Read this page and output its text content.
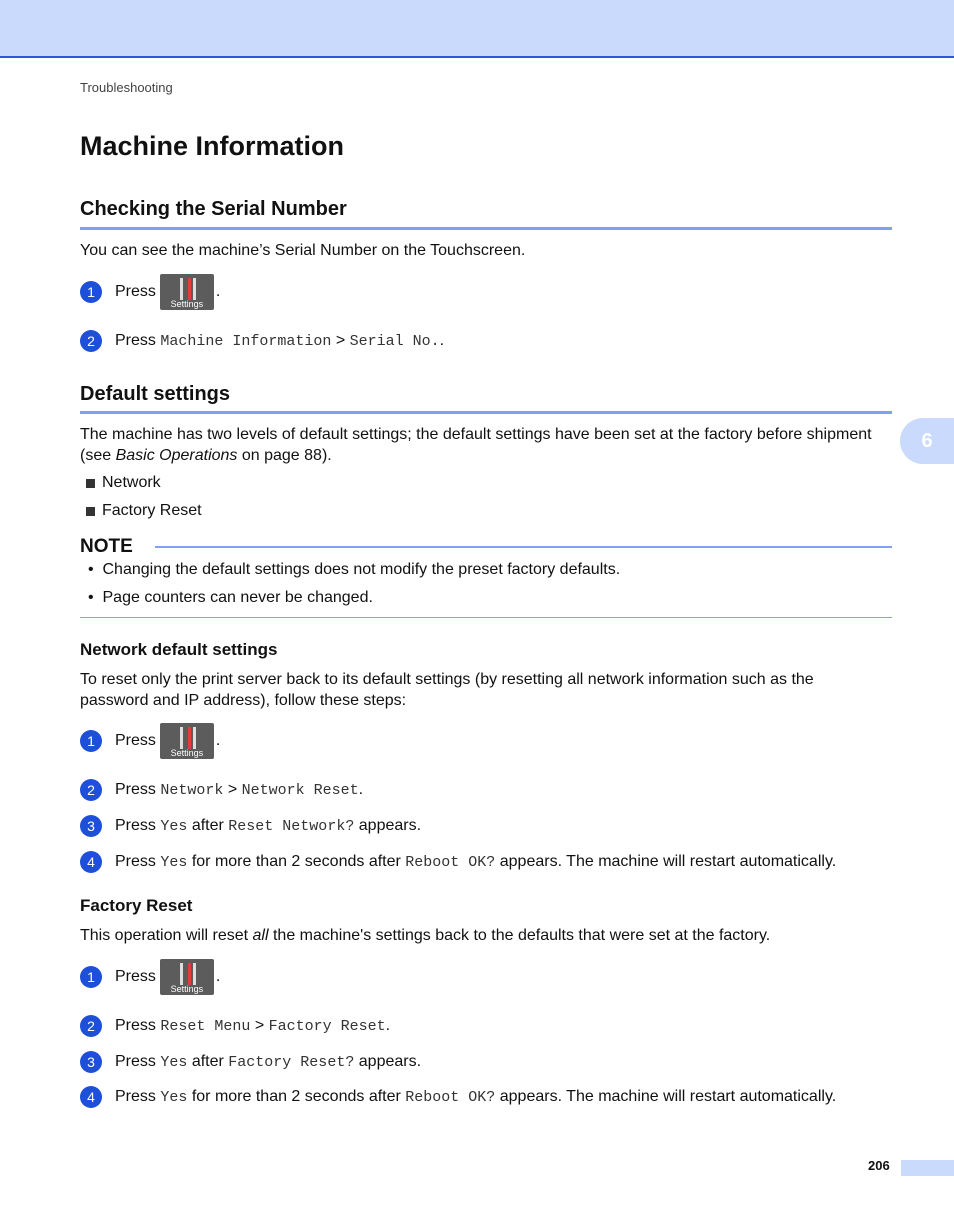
Troubleshooting
Machine Information
Checking the Serial Number
You can see the machine’s Serial Number on the Touchscreen.
1	Press
Settings
.
2	Press
Machine Information
>
Serial No. .
Default settings
The machine has two levels of default settings; the default settings have been set at the factory before shipment (see Basic Operations on page 88).
Network
Factory Reset
NOTE
•  Changing the default settings does not modify the preset factory defaults.
•  Page counters can never be changed.
Network default settings
To reset only the print server back to its default settings (by resetting all network information such as the password and IP address), follow these steps:
1	Press
Settings
.
2	Press
Network
>
Network Reset .
3	Press
Yes
after
Reset Network?
appears.
4	Press
Yes
for more than 2 seconds after
Reboot OK?
appears. The machine will restart automatically.
Factory Reset
This operation will reset all the machine's settings back to the defaults that were set at the factory.
1	Press
Settings
.
2	Press
Reset Menu
>
Factory Reset .
3	Press
Yes
after
Factory Reset?
appears.
4	Press
Yes
for more than 2 seconds after
Reboot OK?
appears. The machine will restart automatically.
6
206
